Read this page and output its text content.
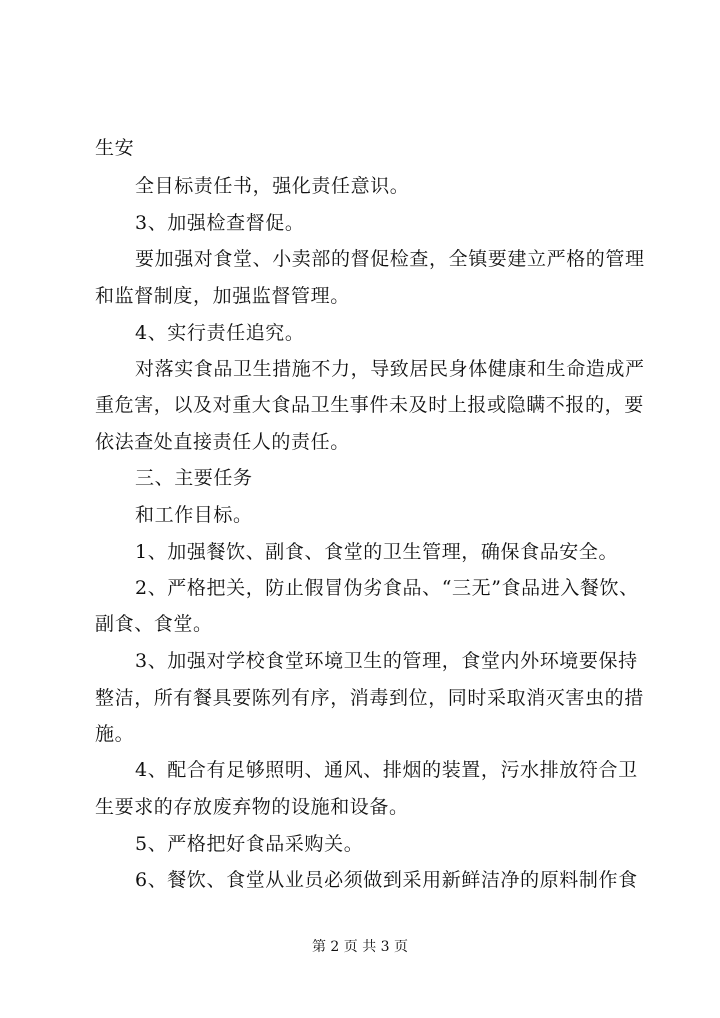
生安
全目标责任书，强化责任意识。
3、加强检查督促。
要加强对食堂、小卖部的督促检查，全镇要建立严格的管理
和监督制度，加强监督管理。
4、实行责任追究。
对落实食品卫生措施不力，导致居民身体健康和生命造成严
重危害，以及对重大食品卫生事件未及时上报或隐瞒不报的，要
依法查处直接责任人的责任。
三、主要任务
和工作目标。
1、加强餐饮、副食、食堂的卫生管理，确保食品安全。
2、严格把关，防止假冒伪劣食品、“三无”食品进入餐饮、
副食、食堂。
3、加强对学校食堂环境卫生的管理，食堂内外环境要保持
整洁，所有餐具要陈列有序，消毒到位，同时采取消灭害虫的措
施。
4、配合有足够照明、通风、排烟的装置，污水排放符合卫
生要求的存放废弃物的设施和设备。
5、严格把好食品采购关。
6、餐饮、食堂从业员必须做到采用新鲜洁净的原料制作食
第 2 页 共 3 页
